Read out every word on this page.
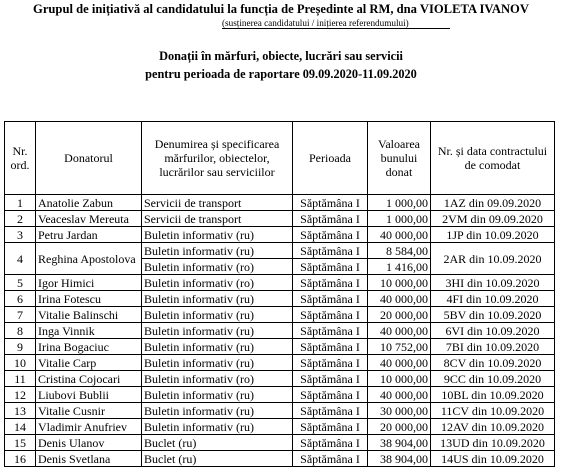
Grupul de inițiativă al candidatului la funcția de Președinte al RM, dna VIOLETA IVANOV
(susținerea candidatului / inițierea referendumului)
Donații în mărfuri, obiecte, lucrări sau servicii
pentru perioada de raportare 09.09.2020-11.09.2020
Nr. ord.	Donatorul	Denumirea și specificarea mărfurilor, obiectelor, lucrărilor sau serviciilor	Perioada	Valoarea bunului donat	Nr. și data contractului de comodat
1	Anatolie Zabun	Servicii de transport	Săptămâna I	1 000,00	1AZ din 09.09.2020
2	Veaceslav Mereuta	Servicii de transport	Săptămâna I	1 000,00	2VM din 09.09.2020
3	Petru Jardan	Buletin informativ (ru)	Săptămâna I	40 000,00	1JP din 10.09.2020
4	Reghina Apostolova	Buletin informativ (ru)	Săptămâna I	8 584,00	2AR din 10.09.2020
		Buletin informativ (ro)	Săptămâna I	1 416,00	
5	Igor Himici	Buletin informativ (ro)	Săptămâna I	10 000,00	3HI din 10.09.2020
6	Irina Fotescu	Buletin informativ (ru)	Săptămâna I	40 000,00	4FI din 10.09.2020
7	Vitalie Balinschi	Buletin informativ (ru)	Săptămâna I	20 000,00	5BV din 10.09.2020
8	Inga Vinnik	Buletin informativ (ru)	Săptămâna I	40 000,00	6VI din 10.09.2020
9	Irina Bogaciuc	Buletin informativ (ru)	Săptămâna I	10 752,00	7BI din 10.09.2020
10	Vitalie Carp	Buletin informativ (ru)	Săptămâna I	40 000,00	8CV din 10.09.2020
11	Cristina Cojocari	Buletin informativ (ro)	Săptămâna I	10 000,00	9CC din 10.09.2020
12	Liubovi Bublii	Buletin informativ (ru)	Săptămâna I	40 000,00	10BL din 10.09.2020
13	Vitalie Cusnir	Buletin informativ (ru)	Săptămâna I	30 000,00	11CV din 10.09.2020
14	Vladimir Anufriev	Buletin informativ (ru)	Săptămâna I	20 000,00	12AV din 10.09.2020
15	Denis Ulanov	Buclet (ru)	Săptămâna I	38 904,00	13UD din 10.09.2020
16	Denis Svetlana	Buclet (ru)	Săptămâna I	38 904,00	14US din 10.09.2020
